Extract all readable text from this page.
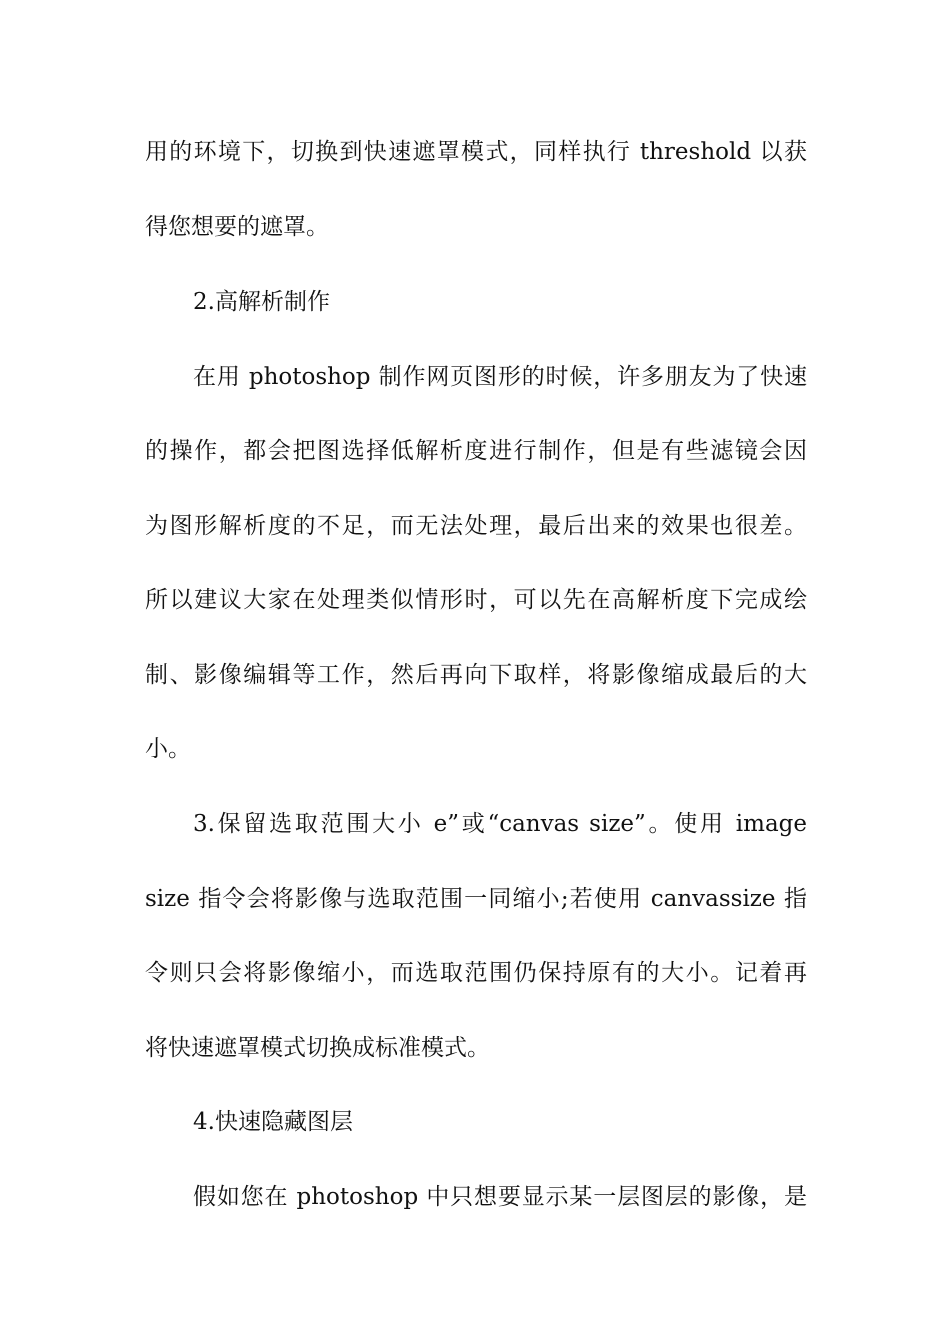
用的环境下，切换到快速遮罩模式，同样执行 threshold 以获
得您想要的遮罩。
2.高解析制作
在用 photoshop 制作网页图形的时候，许多朋友为了快速
的操作，都会把图选择低解析度进行制作，但是有些滤镜会因
为图形解析度的不足，而无法处理，最后出来的效果也很差。
所以建议大家在处理类似情形时，可以先在高解析度下完成绘
制、影像编辑等工作，然后再向下取样，将影像缩成最后的大
小。
3.保留选取范围大小 e”或“canvas size”。使用 image
size 指令会将影像与选取范围一同缩小;若使用 canvassize 指
令则只会将影像缩小，而选取范围仍保持原有的大小。记着再
将快速遮罩模式切换成标准模式。
4.快速隐藏图层
假如您在 photoshop 中只想要显示某一层图层的影像，是
